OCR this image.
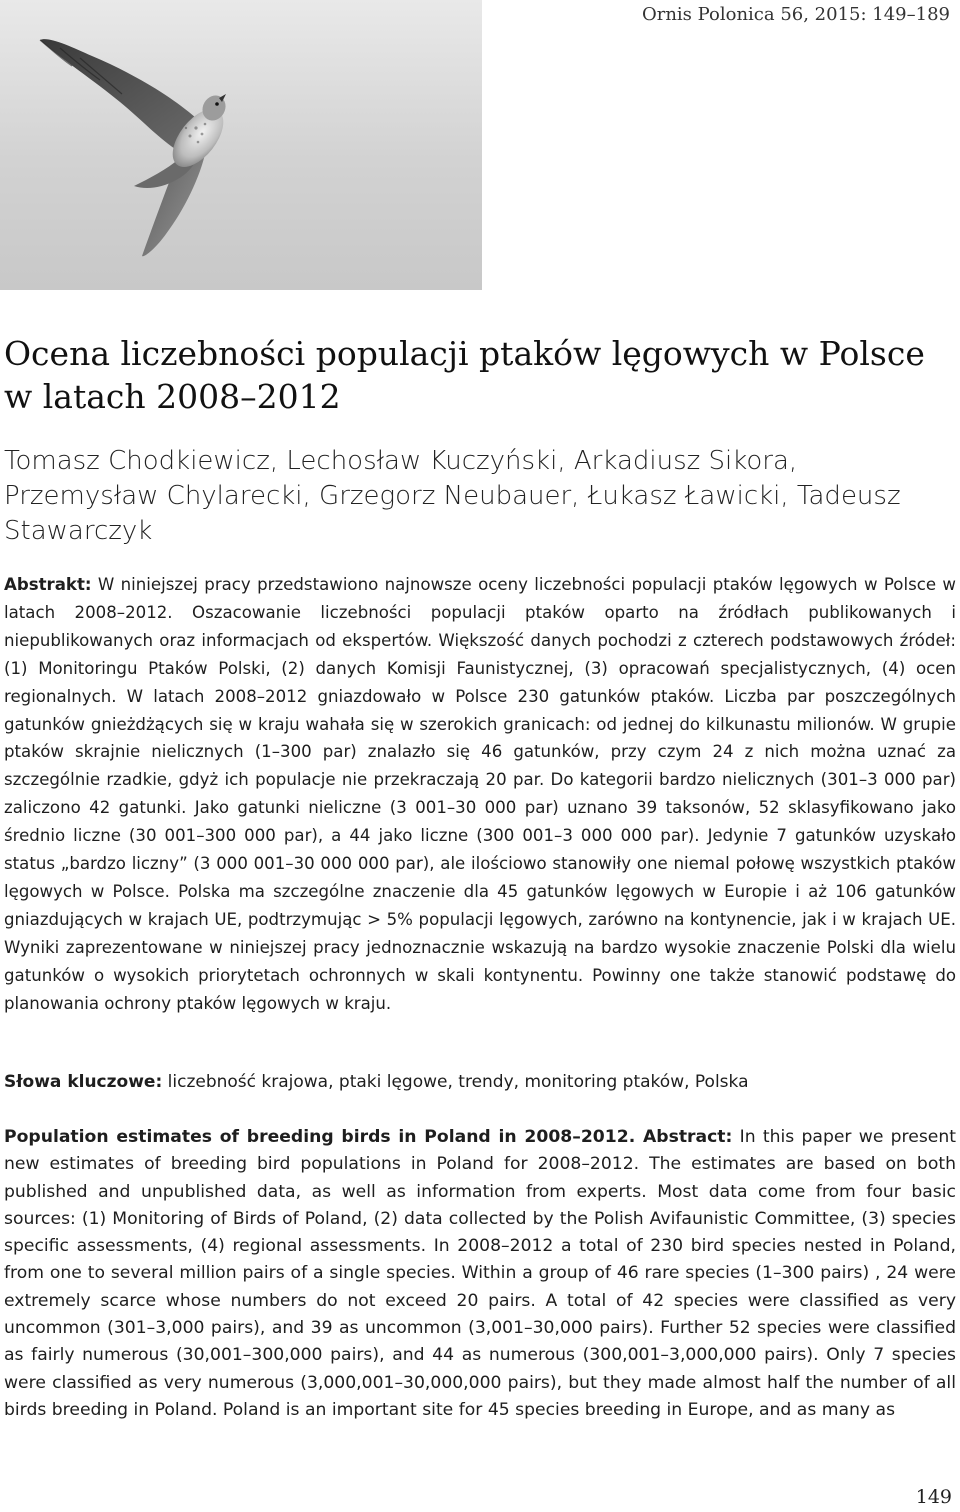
Ornis Polonica 56, 2015: 149–189
Ocena liczebności populacji ptaków lęgowych w Polsce w latach 2008–2012

Tomasz Chodkiewicz, Lechosław Kuczyński, Arkadiusz Sikora, Przemysław Chylarecki, Grzegorz Neubauer, Łukasz Ławicki, Tadeusz Stawarczyk

Abstrakt: W niniejszej pracy przedstawiono najnowsze oceny liczebności populacji ptaków lęgowych w Polsce w latach 2008–2012. Oszacowanie liczebności populacji ptaków oparto na źródłach publikowanych i niepublikowanych oraz informacjach od ekspertów. Większość danych pochodzi z czterech podstawowych źródeł: (1) Monitoringu Ptaków Polski, (2) danych Komisji Faunistycznej, (3) opracowań specjalistycznych, (4) ocen regionalnych. W latach 2008–2012 gniazdowało w Polsce 230 gatunków ptaków. Liczba par poszczególnych gatunków gnieżdżących się w kraju wahała się w szerokich granicach: od jednej do kilkunastu milionów. W grupie ptaków skrajnie nielicznych (1–300 par) znalazło się 46 gatunków, przy czym 24 z nich można uznać za szczególnie rzadkie, gdyż ich populacje nie przekraczają 20 par. Do kategorii bardzo nielicznych (301–3 000 par) zaliczono 42 gatunki. Jako gatunki nieliczne (3 001–30 000 par) uznano 39 taksonów, 52 sklasyfikowano jako średnio liczne (30 001–300 000 par), a 44 jako liczne (300 001–3 000 000 par). Jedynie 7 gatunków uzyskało status „bardzo liczny” (3 000 001–30 000 000 par), ale ilościowo stanowiły one niemal połowę wszystkich ptaków lęgowych w Polsce. Polska ma szczególne znaczenie dla 45 gatunków lęgowych w Europie i aż 106 gatunków gniazdujących w krajach UE, podtrzymując > 5% populacji lęgowych, zarówno na kontynencie, jak i w krajach UE. Wyniki zaprezentowane w niniejszej pracy jednoznacznie wskazują na bardzo wysokie znaczenie Polski dla wielu gatunków o wysokich priorytetach ochronnych w skali kontynentu. Powinny one także stanowić podstawę do planowania ochrony ptaków lęgowych w kraju.

Słowa kluczowe: liczebność krajowa, ptaki lęgowe, trendy, monitoring ptaków, Polska

Population estimates of breeding birds in Poland in 2008–2012. Abstract: In this paper we present new estimates of breeding bird populations in Poland for 2008–2012. The estimates are based on both published and unpublished data, as well as information from experts. Most data come from four basic sources: (1) Monitoring of Birds of Poland, (2) data collected by the Polish Avifaunistic Committee, (3) species specific assessments, (4) regional assessments. In 2008–2012 a total of 230 bird species nested in Poland, from one to several million pairs of a single species. Within a group of 46 rare species (1–300 pairs) , 24 were extremely scarce whose numbers do not exceed 20 pairs. A total of 42 species were classified as very uncommon (301–3,000 pairs), and 39 as uncommon (3,001–30,000 pairs). Further 52 species were classified as fairly numerous (30,001–300,000 pairs), and 44 as numerous (300,001–3,000,000 pairs). Only 7 species were classified as very numerous (3,000,001–30,000,000 pairs), but they made almost half the number of all birds breeding in Poland. Poland is an important site for 45 species breeding in Europe, and as many as

149
